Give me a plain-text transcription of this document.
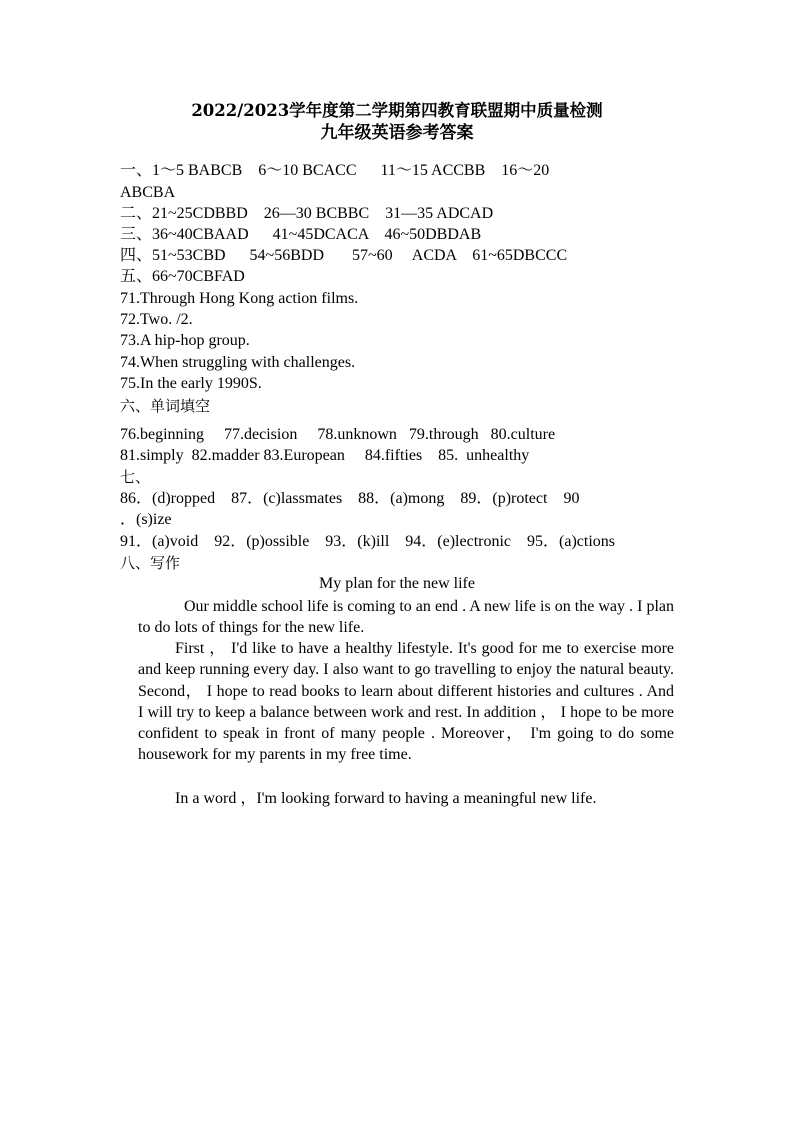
2022/2023学年度第二学期第四教育联盟期中质量检测
九年级英语参考答案
一、1～5 BABCB    6～10 BCACC      11～15 ACCBB    16～20
ABCBA
二、21~25CDBBD    26—30 BCBBC    31—35 ADCAD
三、36~40CBAAD      41~45DCACA    46~50DBDAB
四、51~53CBD      54~56BDD       57~60     ACDA    61~65DBCCC
五、66~70CBFAD
71.Through Hong Kong action films.
72.Two. /2.
73.A hip-hop group.
74.When struggling with challenges.
75.In the early 1990S.
六、单词填空
76.beginning     77.decision     78.unknown   79.through   80.culture
81.simply  82.madder 83.European     84.fifties    85.  unhealthy
七、
86．(d)ropped    87．(c)lassmates    88．(a)mong    89．(p)rotect    90
．(s)ize
91．(a)void    92．(p)ossible    93．(k)ill    94．(e)lectronic    95．(a)ctions
八、写作
My plan for the new life

Our middle school life is coming to an end . A new life is on the way . I plan to do lots of things for the new life.

First ， I'd like to have a healthy lifestyle. It's good for me to exercise more and keep running every day. I also want to go travelling to enjoy the natural beauty. Second， I hope to read books to learn about different histories and cultures . And I will try to keep a balance between work and rest. In addition ， I hope to be more confident to speak in front of many people . Moreover， I'm going to do some housework for my parents in my free time.

In a word ，I'm looking forward to having a meaningful new life.
